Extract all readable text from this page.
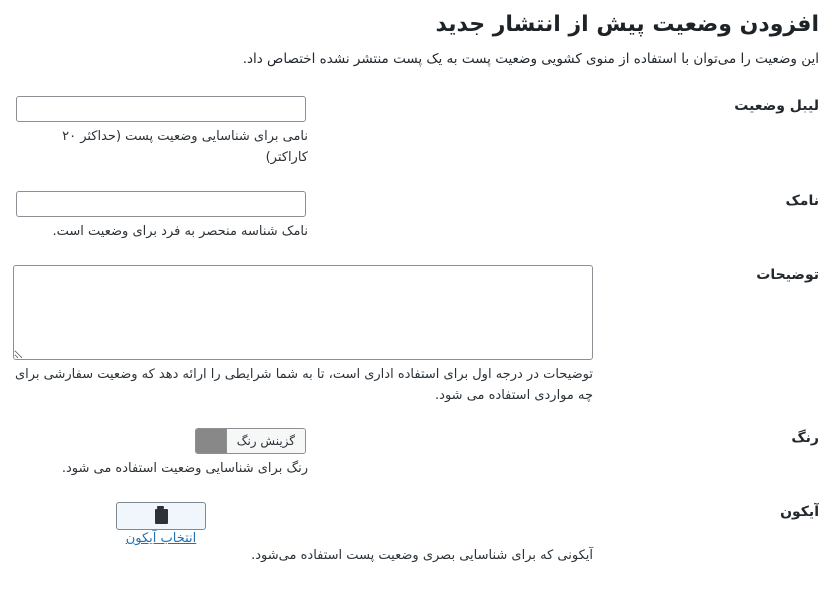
افزودن وضعیت پیش از انتشار جدید

این وضعیت را می‌توان با استفاده از منوی کشویی وضعیت پست به یک پست منتشر نشده اختصاص داد.

لیبل وضعیت

نامی برای شناسایی وضعیت پست (حداکثر ۲۰ کاراکتر)

نامک

نامک شناسه منحصر به فرد برای وضعیت است.

توضیحات

توضیحات در درجه اول برای استفاده اداری است، تا به شما شرایطی را ارائه دهد که وضعیت سفارشی برای چه مواردی استفاده می شود.

رنگ
گزینش رنگ

رنگ برای شناسایی وضعیت استفاده می شود.

آیکون
انتخاب آیکون

آیکونی که برای شناسایی بصری وضعیت پست استفاده می‌شود.
